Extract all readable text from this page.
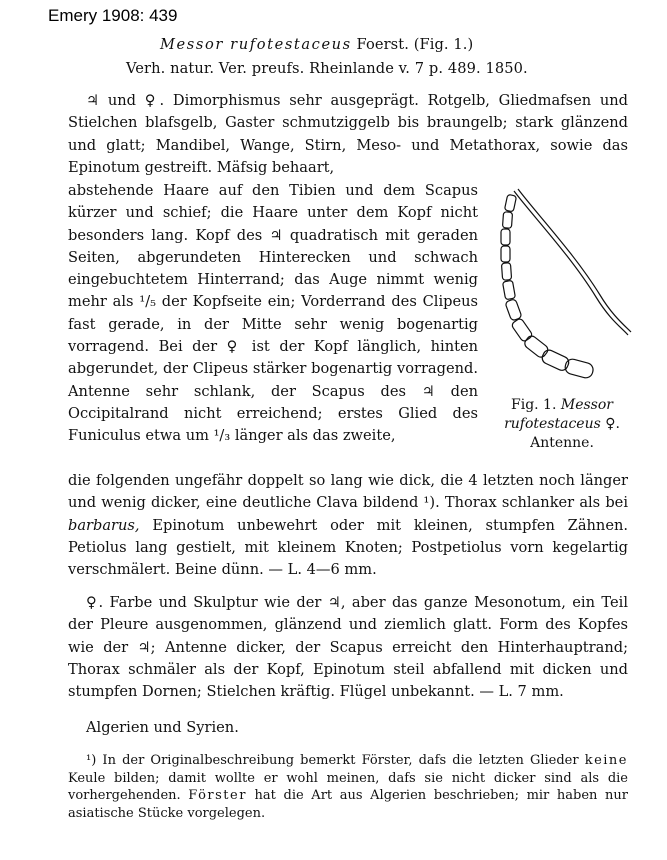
Emery 1908: 439
Messor rufotestaceus Foerst. (Fig. 1.)
Verh. natur. Ver. preufs. Rheinlande v. 7 p. 489. 1850.

♃ und ♀. Dimorphismus sehr ausgeprägt. Rotgelb, Gliedmafsen und Stielchen blafsgelb, Gaster schmutziggelb bis braungelb; stark glänzend und glatt; Mandibel, Wange, Stirn, Meso- und Metathorax, sowie das Epinotum gestreift. Mäfsig behaart,

abstehende Haare auf den Tibien und dem Scapus kürzer und schief; die Haare unter dem Kopf nicht besonders lang. Kopf des ♃ quadratisch mit geraden Seiten, abgerundeten Hinterecken und schwach eingebuchtetem Hinterrand; das Auge nimmt wenig mehr als ¹/₅ der Kopfseite ein; Vorderrand des Clipeus fast gerade, in der Mitte sehr wenig bogenartig vorragend. Bei der ♀ ist der Kopf länglich, hinten abgerundet, der Clipeus stärker bogenartig vorragend. Antenne sehr schlank, der Scapus des ♃ den Occipitalrand nicht erreichend; erstes Glied des Funiculus etwa um ¹/₃ länger als das zweite,

die folgenden ungefähr doppelt so lang wie dick, die 4 letzten noch länger und wenig dicker, eine deutliche Clava bildend ¹). Thorax schlanker als bei barbarus, Epinotum unbewehrt oder mit kleinen, stumpfen Zähnen. Petiolus lang gestielt, mit kleinem Knoten; Postpetiolus vorn kegelartig verschmälert. Beine dünn. — L. 4—6 mm.

♀. Farbe und Skulptur wie der ♃, aber das ganze Mesonotum, ein Teil der Pleure ausgenommen, glänzend und ziemlich glatt. Form des Kopfes wie der ♃; Antenne dicker, der Scapus erreicht den Hinterhauptrand; Thorax schmäler als der Kopf, Epinotum steil abfallend mit dicken und stumpfen Dornen; Stielchen kräftig. Flügel unbekannt. — L. 7 mm.

Algerien und Syrien.

Fig. 1. Messor rufotestaceus ♀.
Antenne.

¹) In der Originalbeschreibung bemerkt Förster, dafs die letzten Glieder keine Keule bilden; damit wollte er wohl meinen, dafs sie nicht dicker sind als die vorhergehenden. Förster hat die Art aus Algerien beschrieben; mir haben nur asiatische Stücke vorgelegen.
